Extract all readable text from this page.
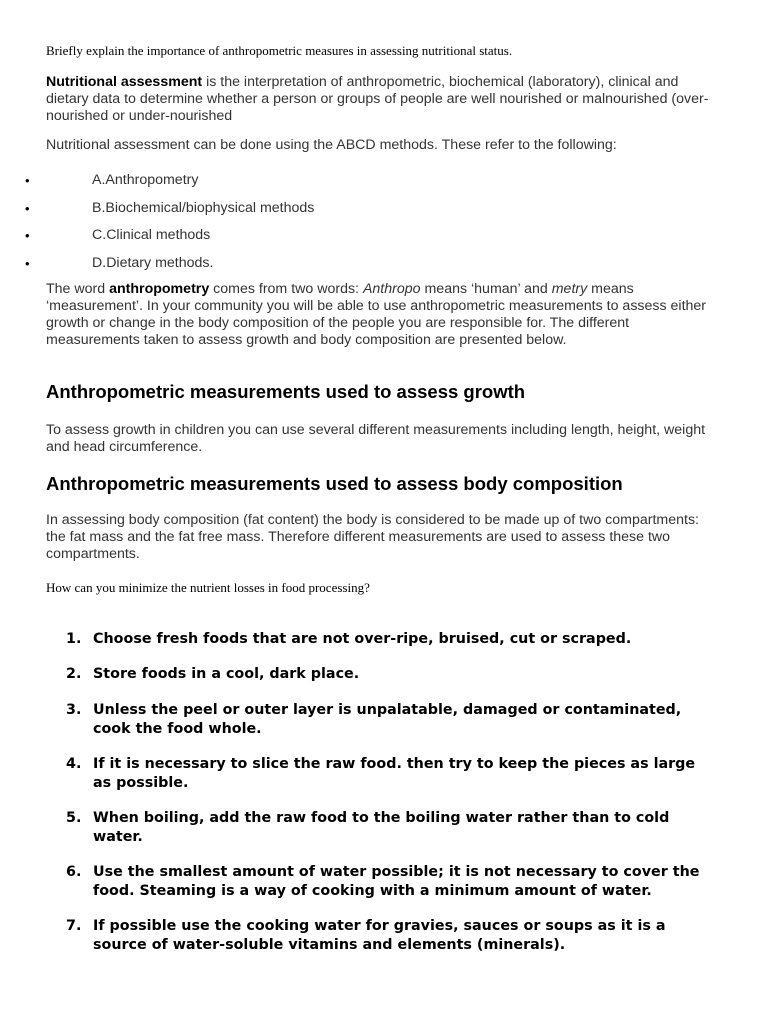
Briefly explain the importance of anthropometric measures in assessing nutritional status.

Nutritional assessment is the interpretation of anthropometric, biochemical (laboratory), clinical and dietary data to determine whether a person or groups of people are well nourished or malnourished (over-nourished or under-nourished

Nutritional assessment can be done using the ABCD methods. These refer to the following:

•	A.Anthropometry
•	B.Biochemical/biophysical methods
•	C.Clinical methods
•	D.Dietary methods.

The word anthropometry comes from two words: Anthropo means ‘human’ and metry means ‘measurement’. In your community you will be able to use anthropometric measurements to assess either growth or change in the body composition of the people you are responsible for. The different measurements taken to assess growth and body composition are presented below.

Anthropometric measurements used to assess growth

To assess growth in children you can use several different measurements including length, height, weight and head circumference.

Anthropometric measurements used to assess body composition

In assessing body composition (fat content) the body is considered to be made up of two compartments: the fat mass and the fat free mass. Therefore different measurements are used to assess these two compartments.

How can you minimize the nutrient losses in food processing?
1. Choose fresh foods that are not over-ripe, bruised, cut or scraped.
2. Store foods in a cool, dark place.
3. Unless the peel or outer layer is unpalatable, damaged or contaminated, cook the food whole.
4. If it is necessary to slice the raw food. then try to keep the pieces as large as possible.
5. When boiling, add the raw food to the boiling water rather than to cold water.
6. Use the smallest amount of water possible; it is not necessary to cover the food. Steaming is a way of cooking with a minimum amount of water.
7. If possible use the cooking water for gravies, sauces or soups as it is a source of water-soluble vitamins and elements (minerals).
